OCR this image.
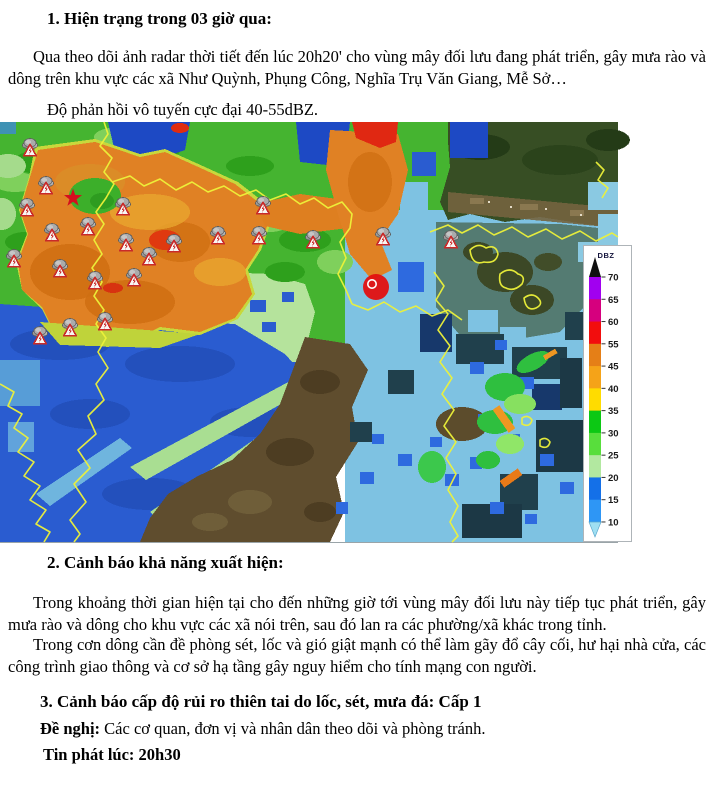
1. Hiện trạng trong 03 giờ qua:
Qua theo dõi ảnh radar thời tiết đến lúc 20h20' cho vùng mây đối lưu đang phát triển, gây mưa rào và dông trên khu vực các xã Như Quỳnh, Phụng Công, Nghĩa Trụ Văn Giang, Mễ Sở…
Độ phản hồi vô tuyến cực đại 40-55dBZ.
DBZ
70
65
60
55
45
40
35
30
25
20
15
10
2. Cảnh báo khả năng xuất hiện:
Trong khoảng thời gian hiện tại cho đến những giờ tới vùng mây đối lưu này tiếp tục phát triển, gây mưa rào và dông cho khu vực các xã nói trên, sau đó lan ra các phường/xã khác trong tỉnh.
Trong cơn dông cần đề phòng sét, lốc và gió giật mạnh có thể làm gãy đổ cây cối, hư hại nhà cửa, các công trình giao thông và cơ sở hạ tầng gây nguy hiểm cho tính mạng con người.
3. Cảnh báo cấp độ rủi ro thiên tai do lốc, sét, mưa đá: Cấp 1
Đề nghị: Các cơ quan, đơn vị và nhân dân theo dõi và phòng tránh.
Tin phát lúc: 20h30
